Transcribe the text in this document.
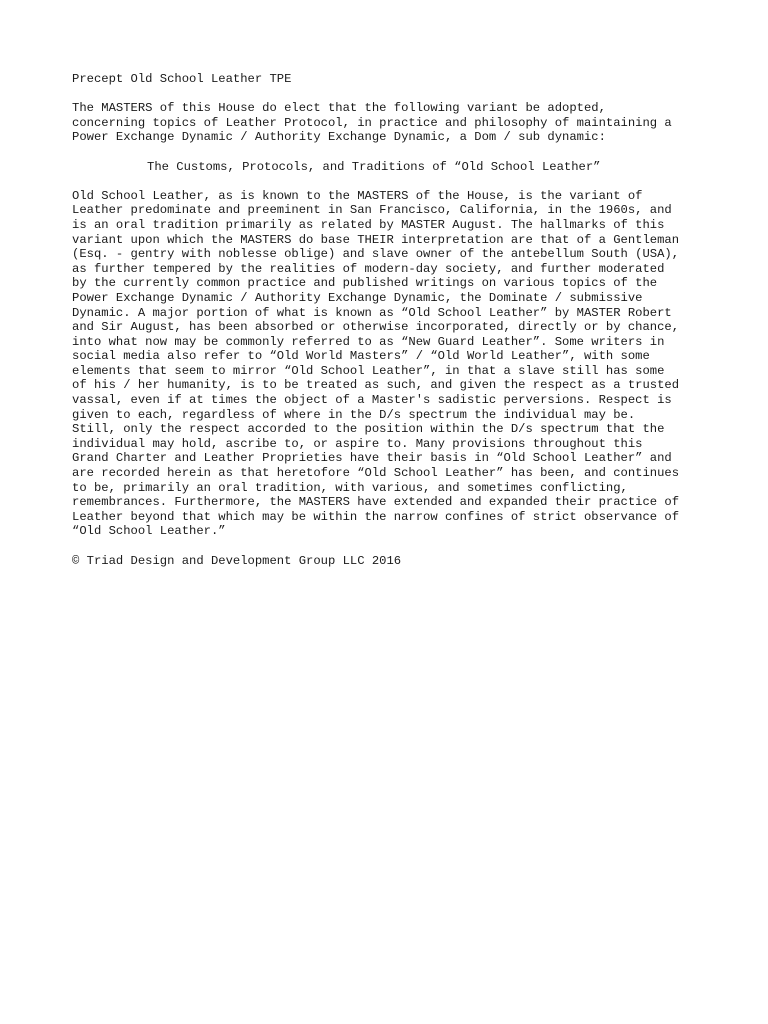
Precept Old School Leather TPE

The MASTERS of this House do elect that the following variant be adopted,
concerning topics of Leather Protocol, in practice and philosophy of maintaining a
Power Exchange Dynamic / Authority Exchange Dynamic, a Dom / sub dynamic:

The Customs, Protocols, and Traditions of “Old School Leather”

Old School Leather, as is known to the MASTERS of the House, is the variant of
Leather predominate and preeminent in San Francisco, California, in the 1960s, and
is an oral tradition primarily as related by MASTER August. The hallmarks of this
variant upon which the MASTERS do base THEIR interpretation are that of a Gentleman
(Esq. - gentry with noblesse oblige) and slave owner of the antebellum South (USA),
as further tempered by the realities of modern-day society, and further moderated
by the currently common practice and published writings on various topics of the
Power Exchange Dynamic / Authority Exchange Dynamic, the Dominate / submissive
Dynamic. A major portion of what is known as “Old School Leather” by MASTER Robert
and Sir August, has been absorbed or otherwise incorporated, directly or by chance,
into what now may be commonly referred to as “New Guard Leather”. Some writers in
social media also refer to “Old World Masters” / “Old World Leather”, with some
elements that seem to mirror “Old School Leather”, in that a slave still has some
of his / her humanity, is to be treated as such, and given the respect as a trusted
vassal, even if at times the object of a Master's sadistic perversions. Respect is
given to each, regardless of where in the D/s spectrum the individual may be.
Still, only the respect accorded to the position within the D/s spectrum that the
individual may hold, ascribe to, or aspire to. Many provisions throughout this
Grand Charter and Leather Proprieties have their basis in “Old School Leather” and
are recorded herein as that heretofore “Old School Leather” has been, and continues
to be, primarily an oral tradition, with various, and sometimes conflicting,
remembrances. Furthermore, the MASTERS have extended and expanded their practice of
Leather beyond that which may be within the narrow confines of strict observance of
“Old School Leather.”

© Triad Design and Development Group LLC 2016
